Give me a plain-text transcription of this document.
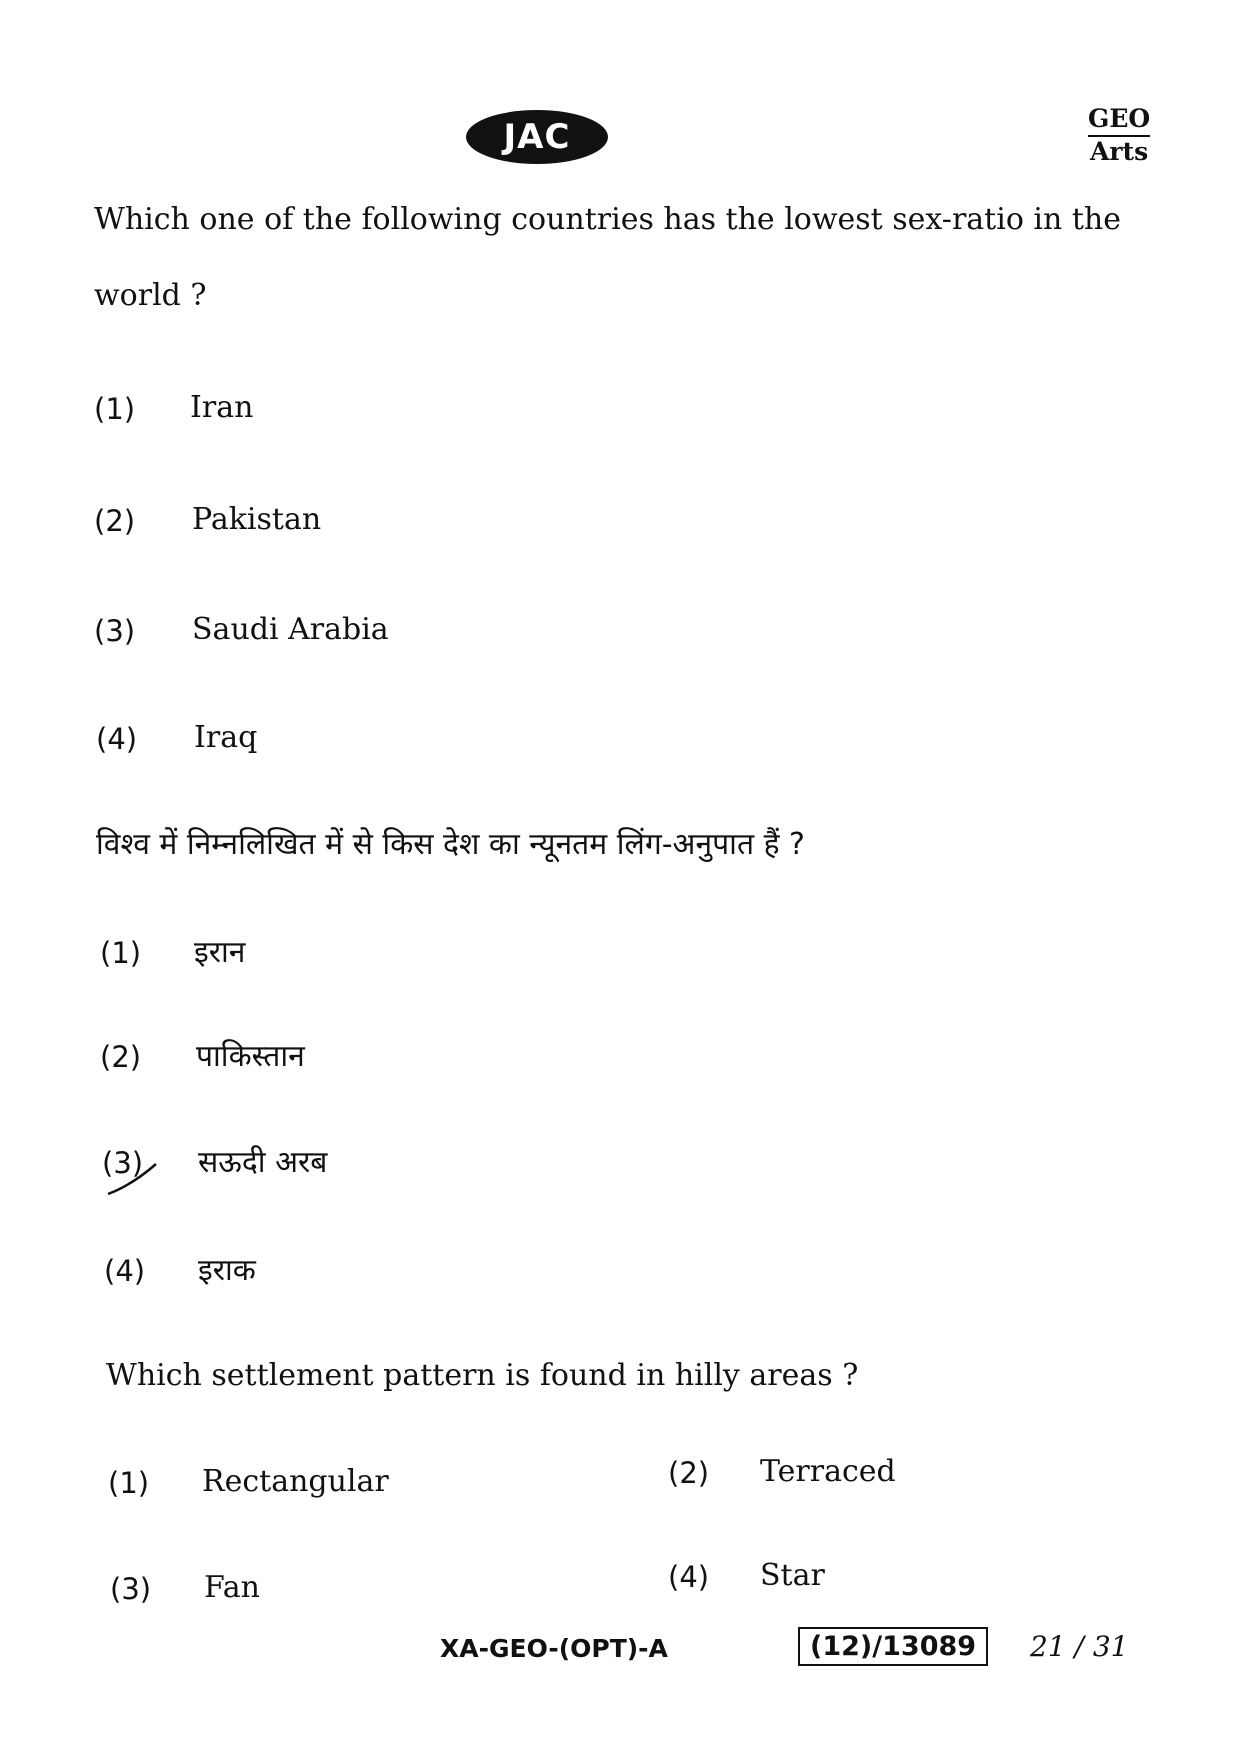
JAC	GEO
Arts
Which one of the following countries has the lowest sex-ratio in the
world ?
(1) Iran
(2) Pakistan
(3) Saudi Arabia
(4) Iraq
विश्व में निम्नलिखित में से किस देश का न्यूनतम लिंग-अनुपात हैं ?
(1) इरान
(2) पाकिस्तान
(3) सऊदी अरब
(4) इराक
Which settlement pattern is found in hilly areas ?
(1) Rectangular	(2) Terraced
(3) Fan	(4) Star
XA-GEO-(OPT)-A	(12)/13089	21 / 31
